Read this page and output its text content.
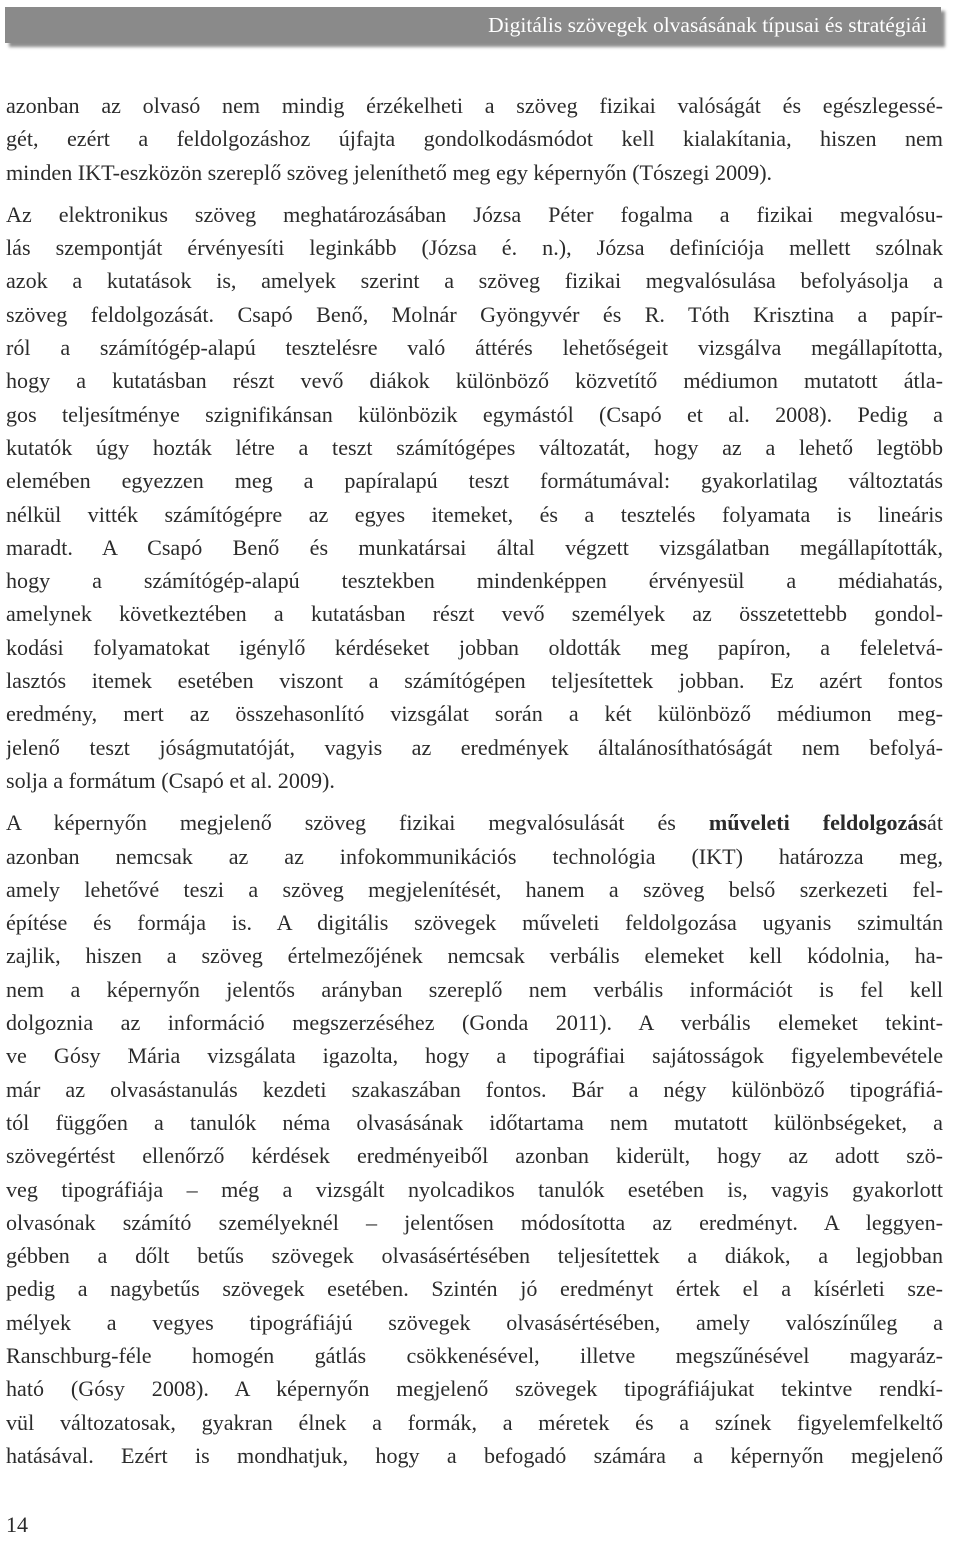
Digitális szövegek olvasásának típusai és stratégiái

azonban az olvasó nem mindig érzékelheti a szöveg fizikai valóságát és egészlegessé-
gét, ezért a feldolgozáshoz újfajta gondolkodásmódot kell kialakítania, hiszen nem
minden IKT-eszközön szereplő szöveg jeleníthető meg egy képernyőn (Tószegi 2009).

Az elektronikus szöveg meghatározásában Józsa Péter fogalma a fizikai megvalósu-
lás szempontját érvényesíti leginkább (Józsa é. n.), Józsa definíciója mellett szólnak
azok a kutatások is, amelyek szerint a szöveg fizikai megvalósulása befolyásolja a
szöveg feldolgozását. Csapó Benő, Molnár Gyöngyvér és R. Tóth Krisztina a papír-
ról a számítógép-alapú tesztelésre való áttérés lehetőségeit vizsgálva megállapította,
hogy a kutatásban részt vevő diákok különböző közvetítő médiumon mutatott átla-
gos teljesítménye szignifikánsan különbözik egymástól (Csapó et al. 2008). Pedig a
kutatók úgy hozták létre a teszt számítógépes változatát, hogy az a lehető legtöbb
elemében egyezzen meg a papíralapú teszt formátumával: gyakorlatilag változtatás
nélkül vitték számítógépre az egyes itemeket, és a tesztelés folyamata is lineáris
maradt. A Csapó Benő és munkatársai által végzett vizsgálatban megállapították,
hogy a számítógép-alapú tesztekben mindenképpen érvényesül a médiahatás,
amelynek következtében a kutatásban részt vevő személyek az összetettebb gondol-
kodási folyamatokat igénylő kérdéseket jobban oldották meg papíron, a feleletvá-
lasztós itemek esetében viszont a számítógépen teljesítettek jobban. Ez azért fontos
eredmény, mert az összehasonlító vizsgálat során a két különböző médiumon meg-
jelenő teszt jóságmutatóját, vagyis az eredmények általánosíthatóságát nem befolyá-
solja a formátum (Csapó et al. 2009).

A képernyőn megjelenő szöveg fizikai megvalósulását és műveleti feldolgozását
azonban nemcsak az az infokommunikációs technológia (IKT) határozza meg,
amely lehetővé teszi a szöveg megjelenítését, hanem a szöveg belső szerkezeti fel-
építése és formája is. A digitális szövegek műveleti feldolgozása ugyanis szimultán
zajlik, hiszen a szöveg értelmezőjének nemcsak verbális elemeket kell kódolnia, ha-
nem a képernyőn jelentős arányban szereplő nem verbális információt is fel kell
dolgoznia az információ megszerzéséhez (Gonda 2011). A verbális elemeket tekint-
ve Gósy Mária vizsgálata igazolta, hogy a tipográfiai sajátosságok figyelembevétele
már az olvasástanulás kezdeti szakaszában fontos. Bár a négy különböző tipográfiá-
tól függően a tanulók néma olvasásának időtartama nem mutatott különbségeket, a
szövegértést ellenőrző kérdések eredményeiből azonban kiderült, hogy az adott szö-
veg tipográfiája – még a vizsgált nyolcadikos tanulók esetében is, vagyis gyakorlott
olvasónak számító személyeknél – jelentősen módosította az eredményt. A leggyen-
gébben a dőlt betűs szövegek olvasásértésében teljesítettek a diákok, a legjobban
pedig a nagybetűs szövegek esetében. Szintén jó eredményt értek el a kísérleti sze-
mélyek a vegyes tipográfiájú szövegek olvasásértésében, amely valószínűleg a
Ranschburg-féle homogén gátlás csökkenésével, illetve megszűnésével magyaráz-
ható (Gósy 2008). A képernyőn megjelenő szövegek tipográfiájukat tekintve rendkí-
vül változatosak, gyakran élnek a formák, a méretek és a színek figyelemfelkeltő
hatásával. Ezért is mondhatjuk, hogy a befogadó számára a képernyőn megjelenő

14
